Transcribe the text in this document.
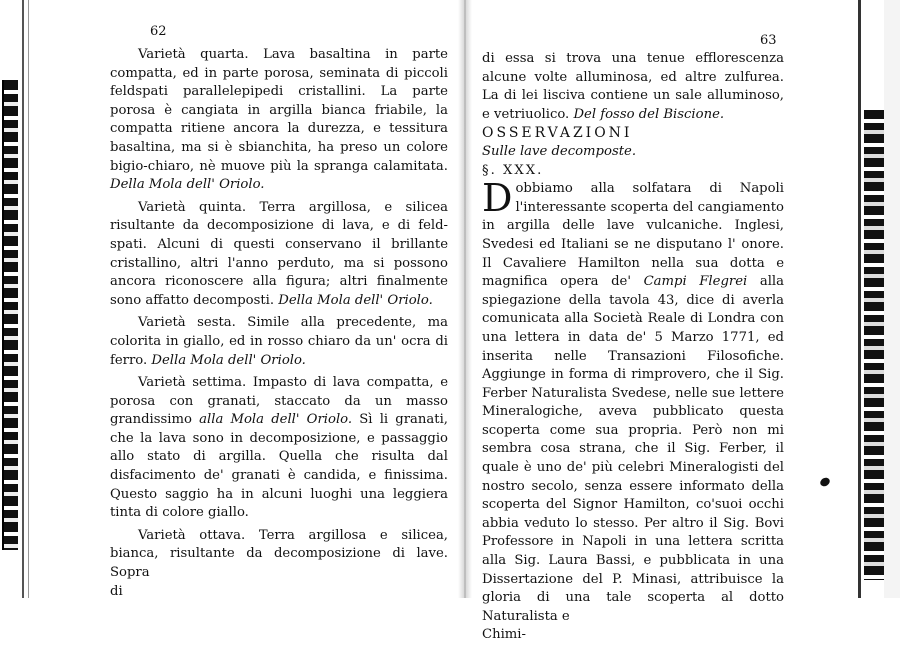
62
63

Varietà quarta. Lava basaltina in parte compatta, ed in parte porosa, seminata di piccoli feldspati parallelepipedi cristallini. La parte porosa è cangiata in argilla bianca friabile, la compatta ritiene ancora la durezza, e tessitura basaltina, ma si è sbianchita, ha preso un colore bigio-chiaro, nè muove più la spranga calamitata. Della Mola dell' Oriolo.

Varietà quinta. Terra argillosa, e silicea risultante da decomposizione di lava, e di feld-spati. Alcuni di questi conservano il brillante cristallino, altri l'anno perduto, ma si possono ancora riconoscere alla figura; altri finalmente sono affatto decomposti. Della Mola dell' Oriolo.

Varietà sesta. Simile alla precedente, ma colorita in giallo, ed in rosso chiaro da un' ocra di ferro. Della Mola dell' Oriolo.

Varietà settima. Impasto di lava compatta, e porosa con granati, staccato da un masso grandissimo alla Mola dell' Oriolo. Sì li granati, che la lava sono in decomposizione, e passaggio allo stato di argilla. Quella che risulta dal disfacimento de' granati è candida, e finissima. Questo saggio ha in alcuni luoghi una leggiera tinta di colore giallo.

Varietà ottava. Terra argillosa e silicea, bianca, risultante da decomposizione di lave. Sopra

di

di essa si trova una tenue efflorescenza alcune volte alluminosa, ed altre zulfurea. La di lei lisciva contiene un sale alluminoso, e vetriuolico. Del fosso del Biscione.

OSSERVAZIONI

Sulle lave decomposte.

§. XXX.

D obbiamo alla solfatara di Napoli l'interessante scoperta del cangiamento in argilla delle lave vulcaniche. Inglesi, Svedesi ed Italiani se ne disputano l' onore. Il Cavaliere Hamilton nella sua dotta e magnifica opera de' Campi Flegrei alla spiegazione della tavola 43, dice di averla comunicata alla Società Reale di Londra con una lettera in data de' 5 Marzo 1771, ed inserita nelle Transazioni Filosofiche. Aggiunge in forma di rimprovero, che il Sig. Ferber Naturalista Svedese, nelle sue lettere Mineralogiche, aveva pubblicato questa scoperta come sua propria. Però non mi sembra cosa strana, che il Sig. Ferber, il quale è uno de' più celebri Mineralogisti del nostro secolo, senza essere informato della scoperta del Signor Hamilton, co'suoi occhi abbia veduto lo stesso. Per altro il Sig. Bovi Professore in Napoli in una lettera scritta alla Sig. Laura Bassi, e pubblicata in una Dissertazione del P. Minasi, attribuisce la gloria di una tale scoperta al dotto Naturalista e

Chimi-
